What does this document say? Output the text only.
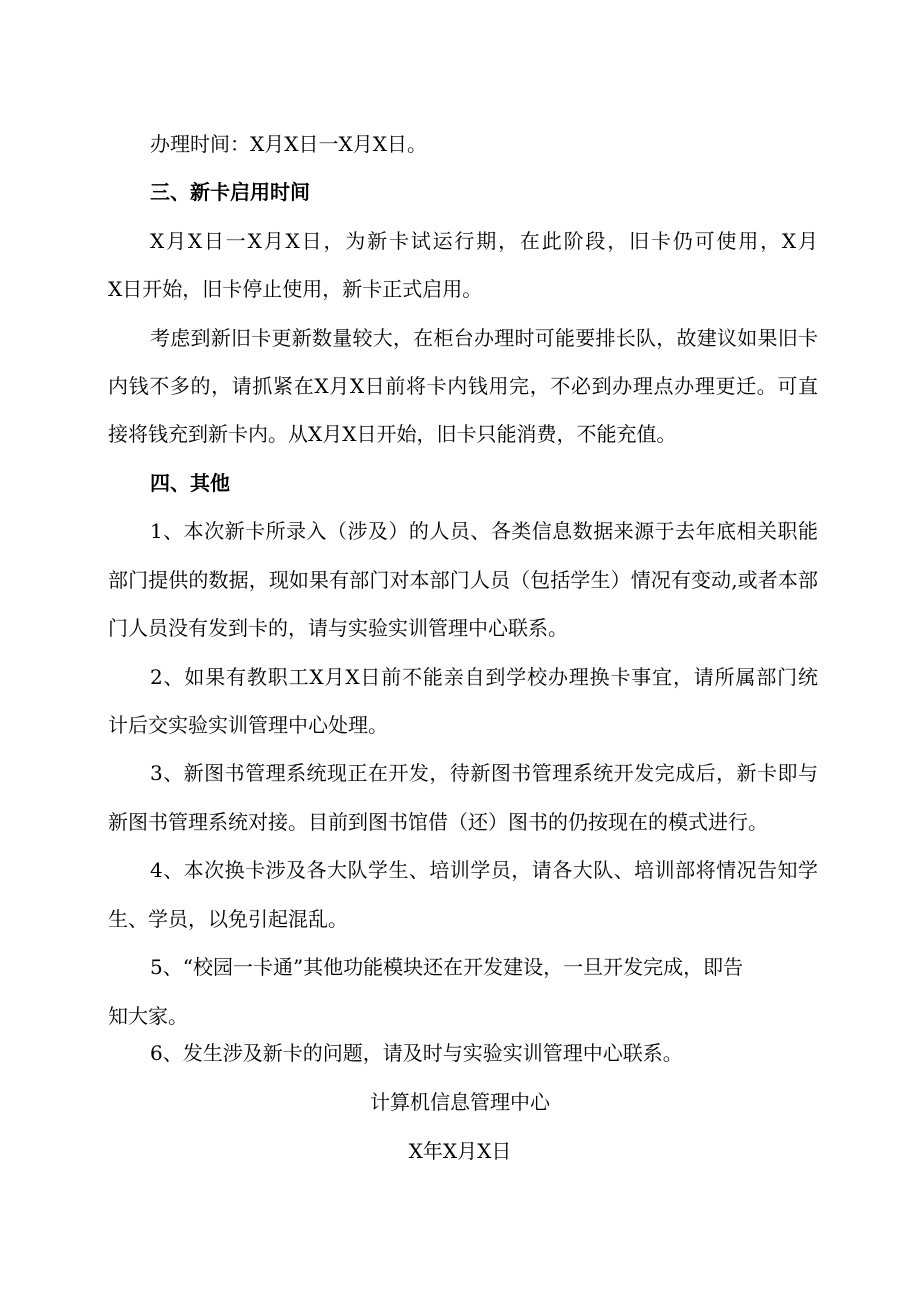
办理时间：X月X日一X月X日。
三、新卡启用时间
X月X日一X月X日，为新卡试运行期，在此阶段，旧卡仍可使用，X月
X日开始，旧卡停止使用，新卡正式启用。
考虑到新旧卡更新数量较大，在柜台办理时可能要排长队，故建议如果旧卡
内钱不多的，请抓紧在X月X日前将卡内钱用完，不必到办理点办理更迁。可直
接将钱充到新卡内。从X月X日开始，旧卡只能消费，不能充值。
四、其他
1、本次新卡所录入（涉及）的人员、各类信息数据来源于去年底相关职能
部门提供的数据，现如果有部门对本部门人员（包括学生）情况有变动,或者本部
门人员没有发到卡的，请与实验实训管理中心联系。
2、如果有教职工X月X日前不能亲自到学校办理换卡事宜，请所属部门统
计后交实验实训管理中心处理。
3、新图书管理系统现正在开发，待新图书管理系统开发完成后，新卡即与
新图书管理系统对接。目前到图书馆借（还）图书的仍按现在的模式进行。
4、本次换卡涉及各大队学生、培训学员，请各大队、培训部将情况告知学
生、学员，以免引起混乱。
5、“校园一卡通”其他功能模块还在开发建设，一旦开发完成，即告
知大家。
6、发生涉及新卡的问题，请及时与实验实训管理中心联系。
计算机信息管理中心
X年X月X日
